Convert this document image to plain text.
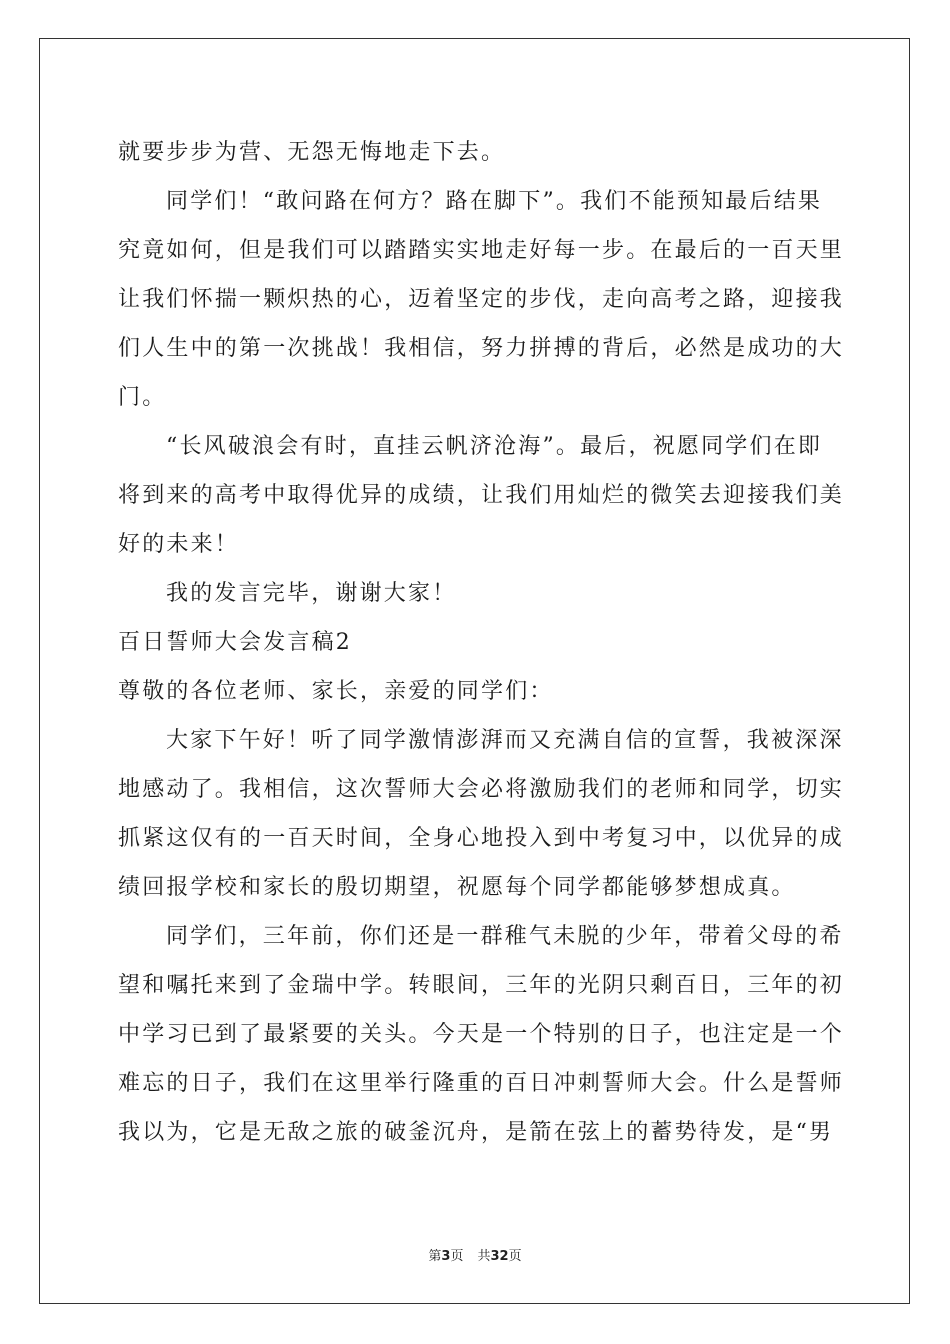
就要步步为营、无怨无悔地走下去。
同学们！“敢问路在何方？路在脚下”。我们不能预知最后结果
究竟如何，但是我们可以踏踏实实地走好每一步。在最后的一百天里
让我们怀揣一颗炽热的心，迈着坚定的步伐，走向高考之路，迎接我
们人生中的第一次挑战！我相信，努力拼搏的背后，必然是成功的大
门。
“长风破浪会有时，直挂云帆济沧海”。最后，祝愿同学们在即
将到来的高考中取得优异的成绩，让我们用灿烂的微笑去迎接我们美
好的未来！
我的发言完毕，谢谢大家！
百日誓师大会发言稿2
尊敬的各位老师、家长，亲爱的同学们：
大家下午好！听了同学激情澎湃而又充满自信的宣誓，我被深深
地感动了。我相信，这次誓师大会必将激励我们的老师和同学，切实
抓紧这仅有的一百天时间，全身心地投入到中考复习中，以优异的成
绩回报学校和家长的殷切期望，祝愿每个同学都能够梦想成真。
同学们，三年前，你们还是一群稚气未脱的少年，带着父母的希
望和嘱托来到了金瑞中学。转眼间，三年的光阴只剩百日，三年的初
中学习已到了最紧要的关头。今天是一个特别的日子，也注定是一个
难忘的日子，我们在这里举行隆重的百日冲刺誓师大会。什么是誓师
我以为，它是无敌之旅的破釜沉舟，是箭在弦上的蓄势待发，是“男
第3页 共32页
